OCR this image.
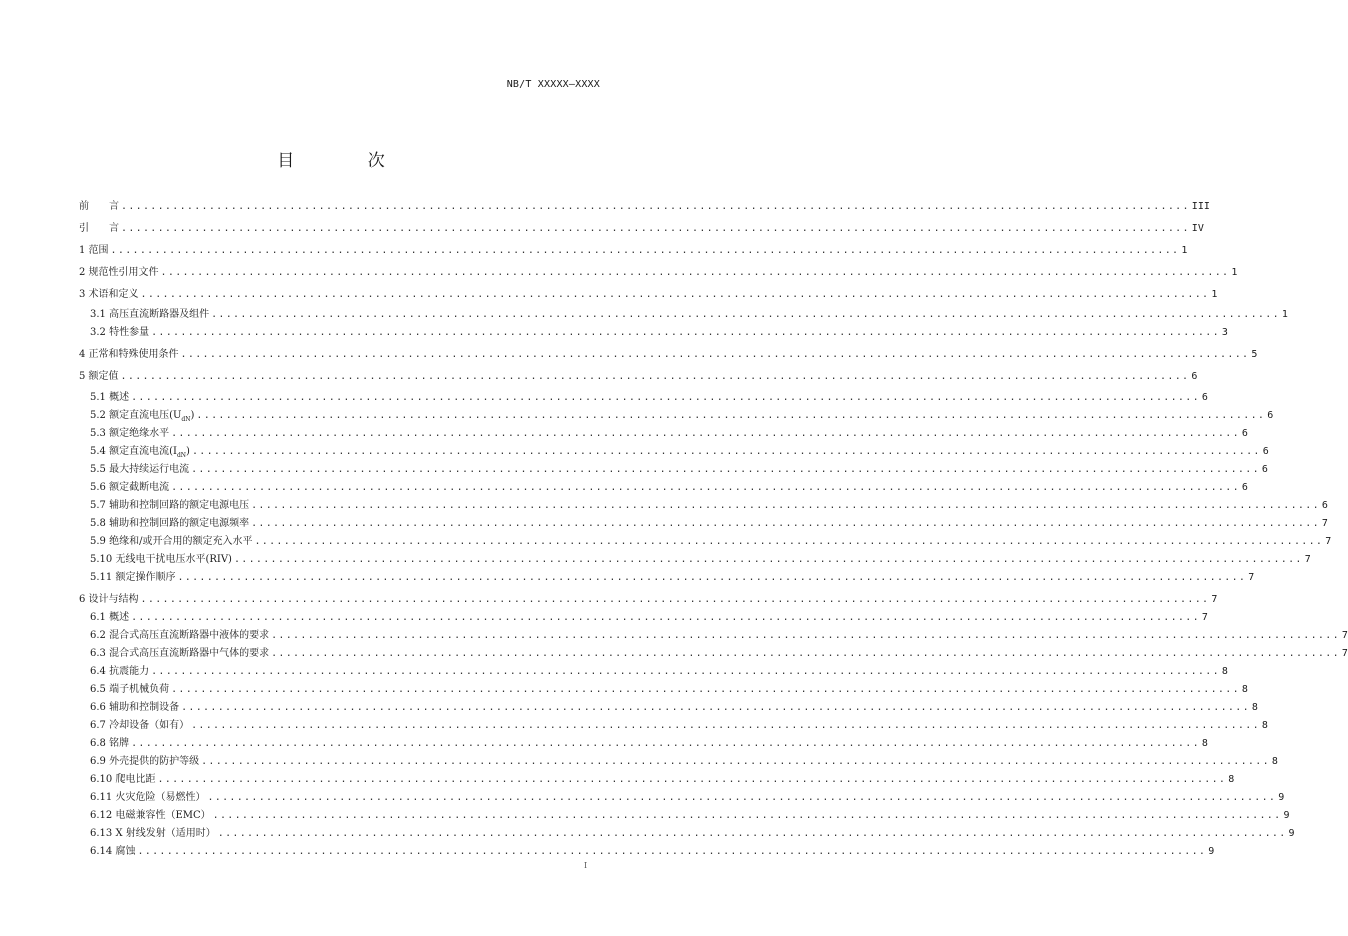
NB/T XXXXX—XXXX
目 次
前　　言 .................................................................................................................................................. III
引　　言 .................................................................................................................................................. IV
1 范围 .................................................................................................................................................. 1
2 规范性引用文件 .................................................................................................................................................. 1
3 术语和定义 .................................................................................................................................................. 1
3.1 高压直流断路器及组件 .................................................................................................................................................. 1
3.2 特性参量 .................................................................................................................................................. 3
4 正常和特殊使用条件 .................................................................................................................................................. 5
5 额定值 .................................................................................................................................................. 6
5.1 概述 .................................................................................................................................................. 6
5.2 额定直流电压$(U_{dN})$ .................................................................................................................................................. 6
5.3 额定绝缘水平 .................................................................................................................................................. 6
5.4 额定直流电流$(I_{dN})$ .................................................................................................................................................. 6
5.5 最大持续运行电流 .................................................................................................................................................. 6
5.6 额定截断电流 .................................................................................................................................................. 6
5.7 辅助和控制回路的额定电源电压 .................................................................................................................................................. 6
5.8 辅助和控制回路的额定电源频率 .................................................................................................................................................. 7
5.9 绝缘和/或开合用的额定充入水平 .................................................................................................................................................. 7
5.10 无线电干扰电压水平(RIV) .................................................................................................................................................. 7
5.11 额定操作顺序 .................................................................................................................................................. 7
6 设计与结构 .................................................................................................................................................. 7
6.1 概述 .................................................................................................................................................. 7
6.2 混合式高压直流断路器中液体的要求 .................................................................................................................................................. 7
6.3 混合式高压直流断路器中气体的要求 .................................................................................................................................................. 7
6.4 抗震能力 .................................................................................................................................................. 8
6.5 端子机械负荷 .................................................................................................................................................. 8
6.6 辅助和控制设备 .................................................................................................................................................. 8
6.7 冷却设备（如有） .................................................................................................................................................. 8
6.8 铭牌 .................................................................................................................................................. 8
6.9 外壳提供的防护等级 .................................................................................................................................................. 8
6.10 爬电比距 .................................................................................................................................................. 8
6.11 火灾危险（易燃性） .................................................................................................................................................. 9
6.12 电磁兼容性（EMC） .................................................................................................................................................. 9
6.13 X 射线发射（适用时） .................................................................................................................................................. 9
6.14 腐蚀 .................................................................................................................................................. 9
I
